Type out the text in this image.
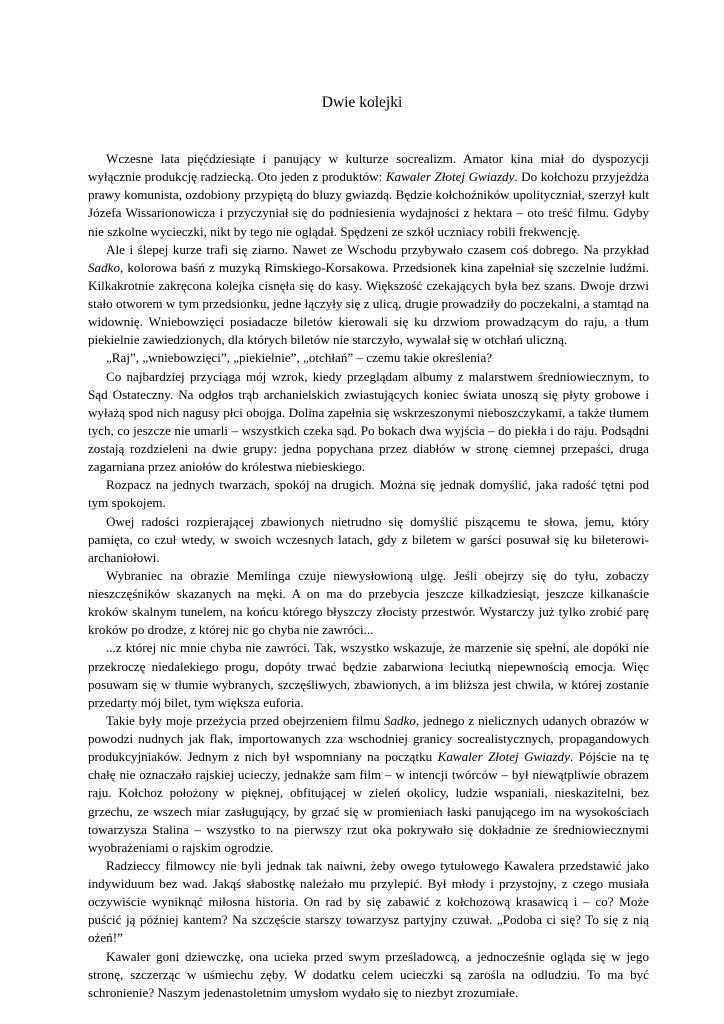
Dwie kolejki

Wczesne lata pięćdziesiąte i panujący w kulturze socrealizm. Amator kina miał do dyspozycji wyłącznie produkcję radziecką. Oto jeden z produktów: Kawaler Złotej Gwiazdy. Do kołchozu przyjeżdża prawy komunista, ozdobiony przypiętą do bluzy gwiazdą. Będzie kołchoźników upolityczniał, szerzył kult Józefa Wissarionowicza i przyczyniał się do podniesienia wydajności z hektara – oto treść filmu. Gdyby nie szkolne wycieczki, nikt by tego nie oglądał. Spędzeni ze szkół uczniacy robili frekwencję.

Ale i ślepej kurze trafi się ziarno. Nawet ze Wschodu przybywało czasem coś dobrego. Na przykład Sadko, kolorowa baśń z muzyką Rimskiego-Korsakowa. Przedsionek kina zapełniał się szczelnie ludźmi. Kilkakrotnie zakręcona kolejka cisnęła się do kasy. Większość czekających była bez szans. Dwoje drzwi stało otworem w tym przedsionku, jedne łączyły się z ulicą, drugie prowadziły do poczekalni, a stamtąd na widownię. Wniebowzięci posiadacze biletów kierowali się ku drzwiom prowadzącym do raju, a tłum piekielnie zawiedzionych, dla których biletów nie starczyło, wywalał się w otchłań uliczną.

„Raj”, „wniebowzięci”, „piekielnie”, „otchłań” – czemu takie określenia?

Co najbardziej przyciąga mój wzrok, kiedy przeglądam albumy z malarstwem średniowiecznym, to Sąd Ostateczny. Na odgłos trąb archanielskich zwiastujących koniec świata unoszą się płyty grobowe i wyłażą spod nich nagusy płci obojga. Dolina zapełnia się wskrzeszonymi nieboszczykami, a także tłumem tych, co jeszcze nie umarli – wszystkich czeka sąd. Po bokach dwa wyjścia – do piekła i do raju. Podsądni zostają rozdzieleni na dwie grupy: jedna popychana przez diabłów w stronę ciemnej przepaści, druga zagarniana przez aniołów do królestwa niebieskiego.

Rozpacz na jednych twarzach, spokój na drugich. Można się jednak domyślić, jaka radość tętni pod tym spokojem.

Owej radości rozpierającej zbawionych nietrudno się domyślić piszącemu te słowa, jemu, który pamięta, co czuł wtedy, w swoich wczesnych latach, gdy z biletem w garści posuwał się ku bileterowi-archaniołowi.

Wybraniec na obrazie Memlinga czuje niewysłowioną ulgę. Jeśli obejrzy się do tyłu, zobaczy nieszczęśników skazanych na męki. A on ma do przebycia jeszcze kilkadziesiąt, jeszcze kilkanaście kroków skalnym tunelem, na końcu którego błyszczy złocisty przestwór. Wystarczy już tylko zrobić parę kroków po drodze, z której nic go chyba nie zawróci...

...z której nic mnie chyba nie zawróci. Tak, wszystko wskazuje, że marzenie się spełni, ale dopóki nie przekroczę niedalekiego progu, dopóty trwać będzie zabarwiona leciutką niepewnością emocja. Więc posuwam się w tłumie wybranych, szczęśliwych, zbawionych, a im bliższa jest chwila, w której zostanie przedarty mój bilet, tym większa euforia.

Takie były moje przeżycia przed obejrzeniem filmu Sadko, jednego z nielicznych udanych obrazów w powodzi nudnych jak flak, importowanych zza wschodniej granicy socrealistycznych, propagandowych produkcyjniaków. Jednym z nich był wspomniany na początku Kawaler Złotej Gwiazdy. Pójście na tę chałę nie oznaczało rajskiej ucieczy, jednakże sam film – w intencji twórców – był niewątpliwie obrazem raju. Kołchoz położony w pięknej, obfitującej w zieleń okolicy, ludzie wspaniali, nieskazitelni, bez grzechu, ze wszech miar zasługujący, by grzać się w promieniach łaski panującego im na wysokościach towarzysza Stalina – wszystko to na pierwszy rzut oka pokrywało się dokładnie ze średniowiecznymi wyobrażeniami o rajskim ogrodzie.

Radzieccy filmowcy nie byli jednak tak naiwni, żeby owego tytułowego Kawalera przedstawić jako indywiduum bez wad. Jakąś słabostkę należało mu przylepić. Był młody i przystojny, z czego musiała oczywiście wyniknąć miłosna historia. On rad by się zabawić z kołchozową krasawicą i – co? Może puścić ją później kantem? Na szczęście starszy towarzysz partyjny czuwał. „Podoba ci się? To się z nią ożeń!”

Kawaler goni dziewczkę, ona ucieka przed swym prześladowcą, a jednocześnie ogląda się w jego stronę, szczerząc w uśmiechu zęby. W dodatku celem ucieczki są zarośla na odludziu. To ma być schronienie? Naszym jedenastoletnim umysłom wydało się to niezbyt zrozumiałe.
